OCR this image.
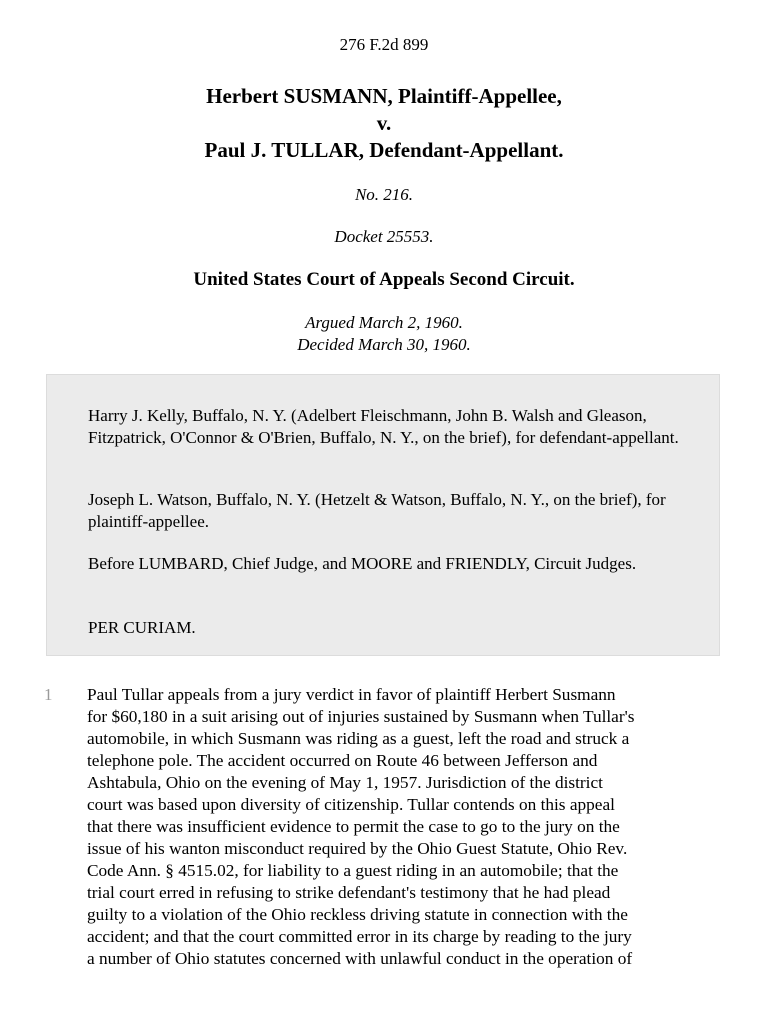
276 F.2d 899
Herbert SUSMANN, Plaintiff-Appellee,
v.
Paul J. TULLAR, Defendant-Appellant.
No. 216.
Docket 25553.
United States Court of Appeals Second Circuit.
Argued March 2, 1960.
Decided March 30, 1960.

Harry J. Kelly, Buffalo, N. Y. (Adelbert Fleischmann, John B. Walsh and Gleason, Fitzpatrick, O'Connor & O'Brien, Buffalo, N. Y., on the brief), for defendant-appellant.

Joseph L. Watson, Buffalo, N. Y. (Hetzelt & Watson, Buffalo, N. Y., on the brief), for plaintiff-appellee.

Before LUMBARD, Chief Judge, and MOORE and FRIENDLY, Circuit Judges.

PER CURIAM.

1 Paul Tullar appeals from a jury verdict in favor of plaintiff Herbert Susmann
for $60,180 in a suit arising out of injuries sustained by Susmann when Tullar's
automobile, in which Susmann was riding as a guest, left the road and struck a
telephone pole. The accident occurred on Route 46 between Jefferson and
Ashtabula, Ohio on the evening of May 1, 1957. Jurisdiction of the district
court was based upon diversity of citizenship. Tullar contends on this appeal
that there was insufficient evidence to permit the case to go to the jury on the
issue of his wanton misconduct required by the Ohio Guest Statute, Ohio Rev.
Code Ann. § 4515.02, for liability to a guest riding in an automobile; that the
trial court erred in refusing to strike defendant's testimony that he had plead
guilty to a violation of the Ohio reckless driving statute in connection with the
accident; and that the court committed error in its charge by reading to the jury
a number of Ohio statutes concerned with unlawful conduct in the operation of
